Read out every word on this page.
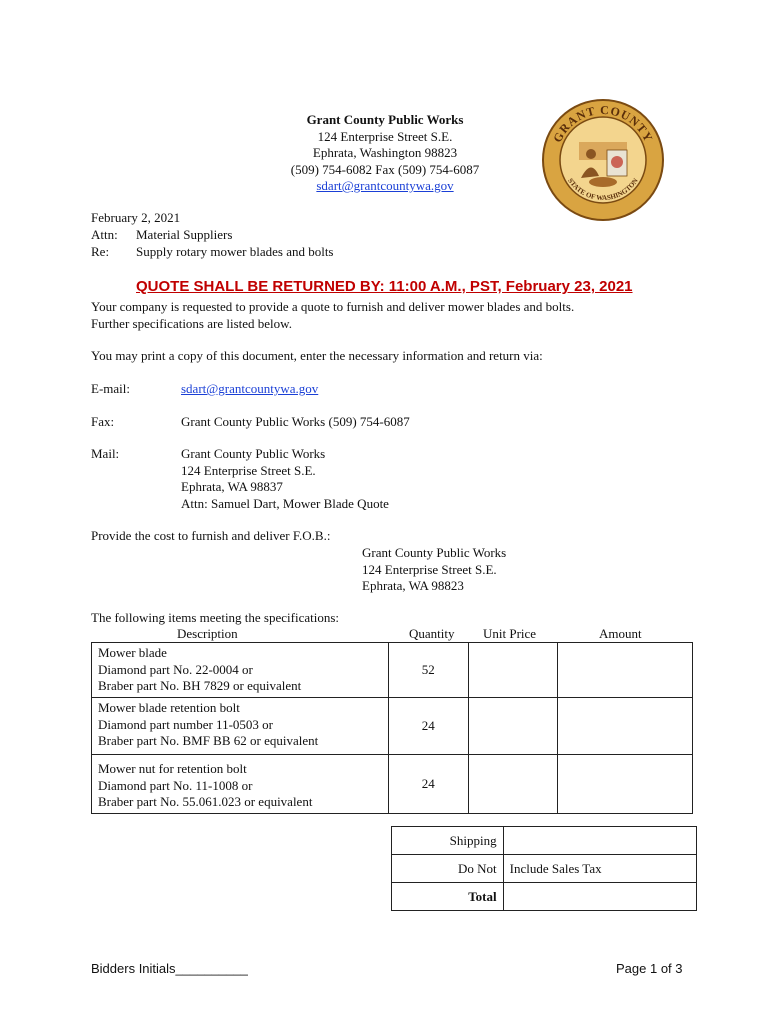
Grant County Public Works
124 Enterprise Street S.E.
Ephrata, Washington 98823
(509) 754-6082 Fax (509) 754-6087
sdart@grantcountywa.gov
GRANT COUNTY
STATE OF WASHINGTON
February 2, 2021
Attn: Material Suppliers
Re: Supply rotary mower blades and bolts
QUOTE SHALL BE RETURNED BY: 11:00 A.M., PST, February 23, 2021
Your company is requested to provide a quote to furnish and deliver mower blades and bolts.
Further specifications are listed below.
You may print a copy of this document, enter the necessary information and return via:
E-mail:	sdart@grantcountywa.gov
Fax:	Grant County Public Works (509) 754-6087
Mail:	Grant County Public Works
124 Enterprise Street S.E.
Ephrata, WA 98837
Attn: Samuel Dart, Mower Blade Quote
Provide the cost to furnish and deliver F.O.B.:
Grant County Public Works
124 Enterprise Street S.E.
Ephrata, WA 98823
The following items meeting the specifications:
Description	Quantity Unit Price	Amount
Mower blade
Diamond part No. 22-0004 or
Braber part No. BH 7829 or equivalent	52		

Mower blade retention bolt
Diamond part number 11-0503 or
Braber part No. BMF BB 62 or equivalent	24		

Mower nut for retention bolt
Diamond part No. 11-1008 or
Braber part No. 55.061.023 or equivalent	24		
Shipping	
Do Not	Include Sales Tax
Total	
Bidders Initials__________	Page 1 of 3
